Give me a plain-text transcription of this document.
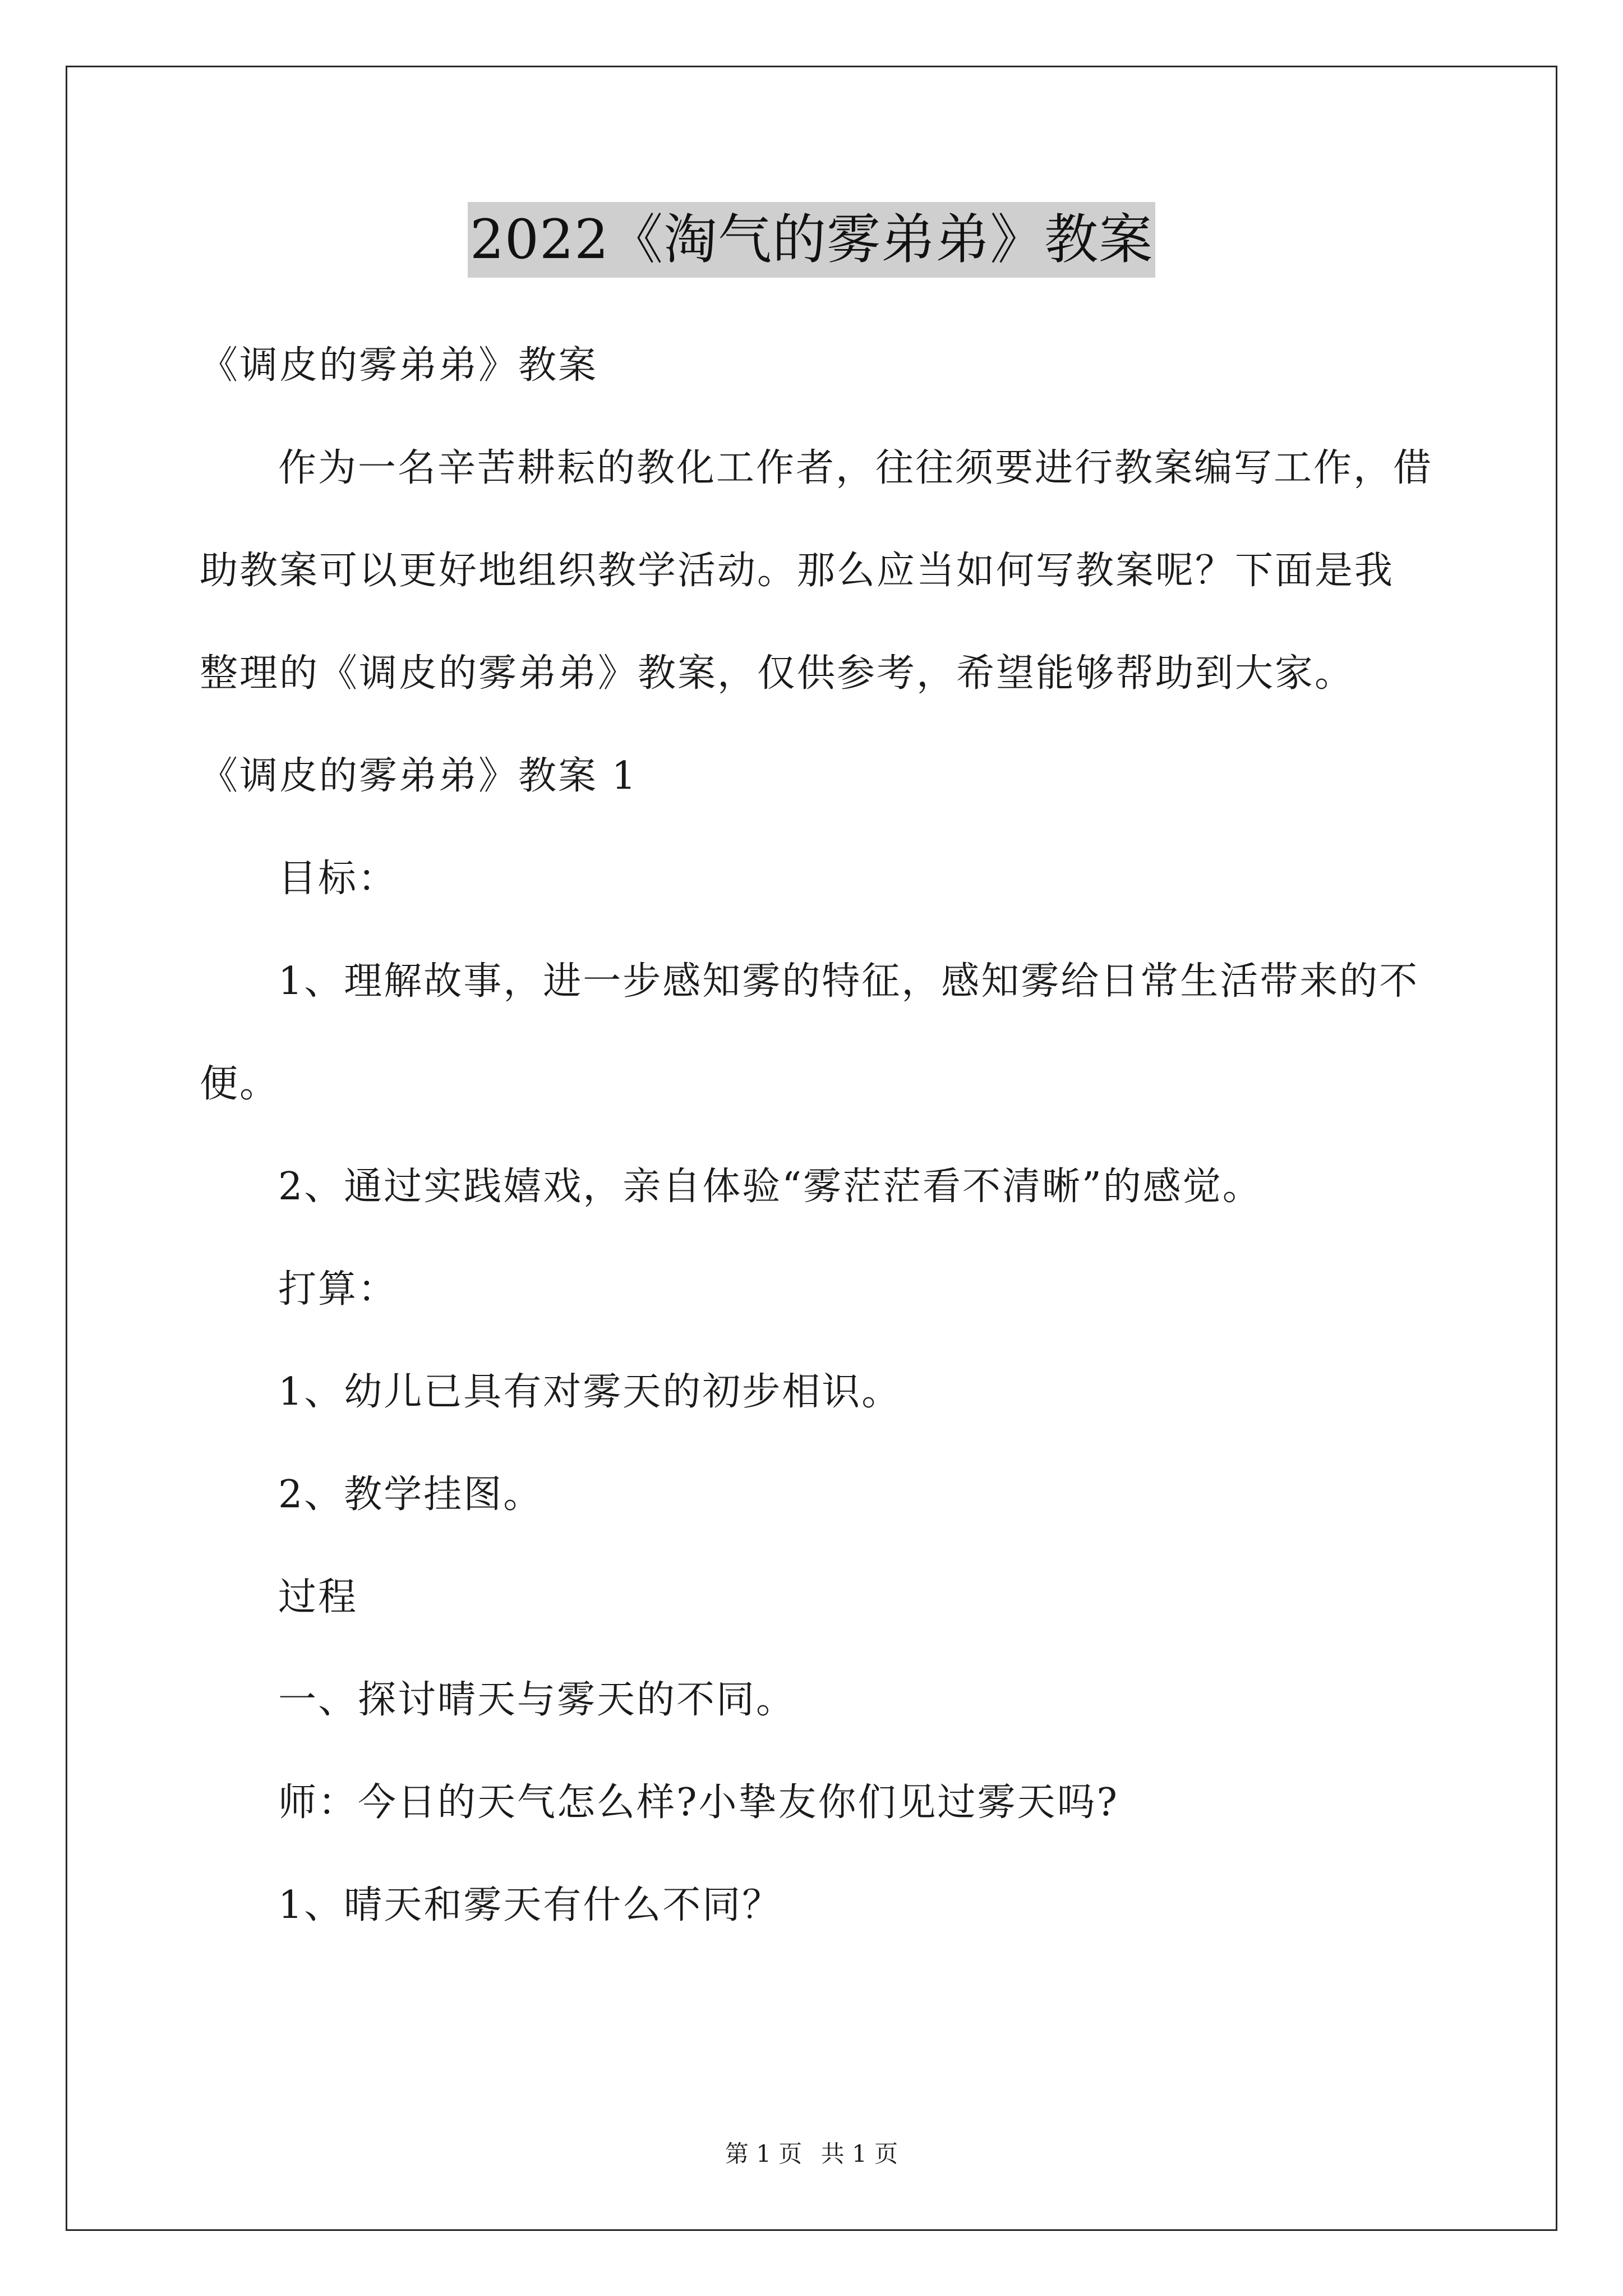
2022《淘气的雾弟弟》教案

《调皮的雾弟弟》教案

作为一名辛苦耕耘的教化工作者，往往须要进行教案编写工作，借助教案可以更好地组织教学活动。那么应当如何写教案呢？下面是我整理的《调皮的雾弟弟》教案，仅供参考，希望能够帮助到大家。

《调皮的雾弟弟》教案 1

目标：

1、理解故事，进一步感知雾的特征，感知雾给日常生活带来的不便。

2、通过实践嬉戏，亲自体验“雾茫茫看不清晰”的感觉。

打算：

1、幼儿已具有对雾天的初步相识。

2、教学挂图。

过程

一、探讨晴天与雾天的不同。

师：今日的天气怎么样?小挚友你们见过雾天吗?

1、晴天和雾天有什么不同？

第 1 页 共 1 页
